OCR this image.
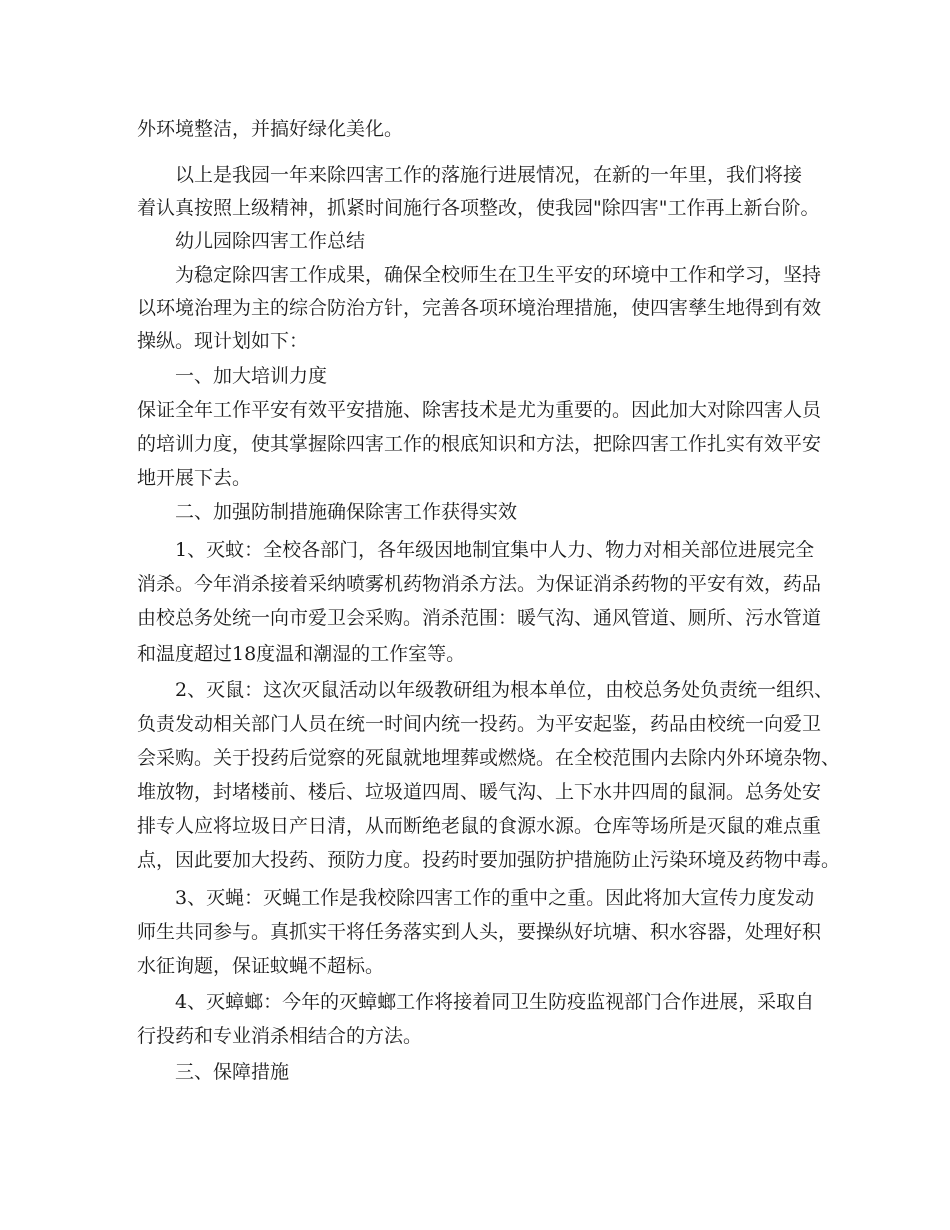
外环境整洁，并搞好绿化美化。
以上是我园一年来除四害工作的落施行进展情况，在新的一年里，我们将接
着认真按照上级精神，抓紧时间施行各项整改，使我园"除四害"工作再上新台阶。
幼儿园除四害工作总结
为稳定除四害工作成果，确保全校师生在卫生平安的环境中工作和学习，坚持
以环境治理为主的综合防治方针，完善各项环境治理措施，使四害孳生地得到有效
操纵。现计划如下：
一、加大培训力度
保证全年工作平安有效平安措施、除害技术是尤为重要的。因此加大对除四害人员
的培训力度，使其掌握除四害工作的根底知识和方法，把除四害工作扎实有效平安
地开展下去。
二、加强防制措施确保除害工作获得实效
1、灭蚊：全校各部门，各年级因地制宜集中人力、物力对相关部位进展完全
消杀。今年消杀接着采纳喷雾机药物消杀方法。为保证消杀药物的平安有效，药品
由校总务处统一向市爱卫会采购。消杀范围：暖气沟、通风管道、厕所、污水管道
和温度超过18度温和潮湿的工作室等。
2、灭鼠：这次灭鼠活动以年级教研组为根本单位，由校总务处负责统一组织、
负责发动相关部门人员在统一时间内统一投药。为平安起鉴，药品由校统一向爱卫
会采购。关于投药后觉察的死鼠就地埋葬或燃烧。在全校范围内去除内外环境杂物、
堆放物，封堵楼前、楼后、垃圾道四周、暖气沟、上下水井四周的鼠洞。总务处安
排专人应将垃圾日产日清，从而断绝老鼠的食源水源。仓库等场所是灭鼠的难点重
点，因此要加大投药、预防力度。投药时要加强防护措施防止污染环境及药物中毒。
3、灭蝇：灭蝇工作是我校除四害工作的重中之重。因此将加大宣传力度发动
师生共同参与。真抓实干将任务落实到人头，要操纵好坑塘、积水容器，处理好积
水征询题，保证蚊蝇不超标。
4、灭蟑螂：今年的灭蟑螂工作将接着同卫生防疫监视部门合作进展，采取自
行投药和专业消杀相结合的方法。
三、保障措施
